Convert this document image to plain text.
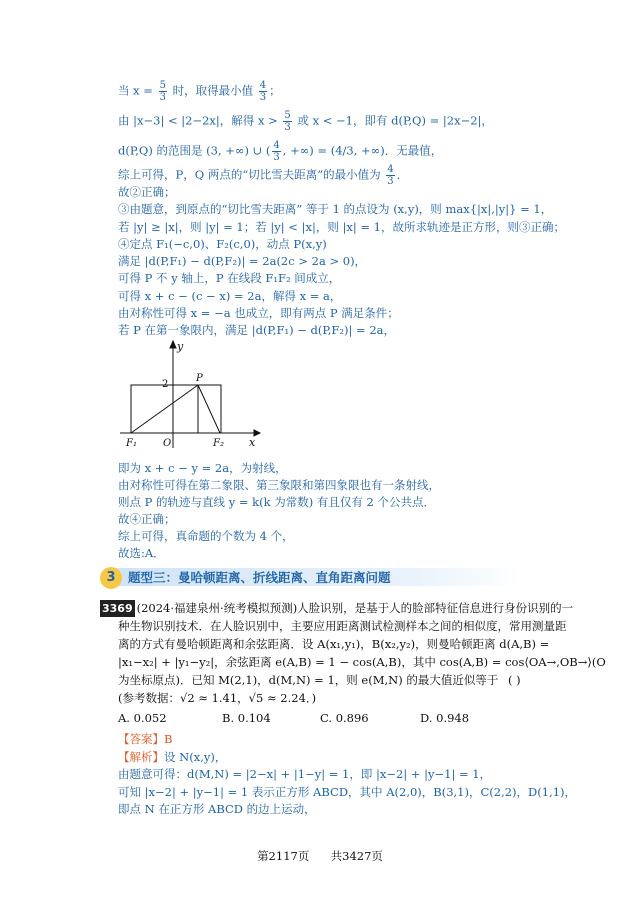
当 $x = \frac{5}{3}$ 时，取得最小值 $\frac{4}{3}$ ；
由 |x−3| < |2−2x|，解得 $x > \frac{5}{3}$ 或 x < −1，即有 d(P,Q) = |2x−2|，
d(P,Q) 的范围是 (3, +∞) ∪ ( $\frac{4}{3}$ , +∞) = (4/3, +∞)．无最值，
综上可得，P，Q 两点的“切比雪夫距离”的最小值为 $\frac{4}{3}$ ．
故②正确；
③由题意，到原点的“切比雪夫距离” 等于 1 的点设为 (x,y)，则 max{|x|,|y|} = 1，
若 |y| ≥ |x|，则 |y| = 1；若 |y| < |x|，则 |x| = 1，故所求轨迹是正方形，则③正确；
④定点 F₁(−c,0)、F₂(c,0)，动点 P(x,y)
满足 |d(P,F₁) − d(P,F₂)| = 2a(2c > 2a > 0)，
可得 P 不 y 轴上，P 在线段 F₁F₂ 间成立，
可得 x + c − (c − x) = 2a，解得 x = a，
由对称性可得 x = −a 也成立，即有两点 P 满足条件；
若 P 在第一象限内，满足 |d(P,F₁) − d(P,F₂)| = 2a，
y
x
2
P
F₁	O	F₂
即为 x + c − y = 2a，为射线，
由对称性可得在第二象限、第三象限和第四象限也有一条射线，
则点 P 的轨迹与直线 y = k(k 为常数) 有且仅有 2 个公共点．
故④正确；
综上可得，真命题的个数为 4 个，
故选:A．
3 题型三：曼哈顿距离、折线距离、直角距离问题
3369 (2024·福建泉州·统考模拟预测)人脸识别，是基于人的脸部特征信息进行身份识别的一
种生物识别技术．在人脸识别中，主要应用距离测试检测样本之间的相似度，常用测量距
离的方式有曼哈顿距离和余弦距离．设 A(x₁,y₁)，B(x₂,y₂)，则曼哈顿距离 d(A,B) =
|x₁−x₂| + |y₁−y₂|，余弦距离 e(A,B) = 1 − cos(A,B)，其中 cos(A,B) = cos⟨OA→,OB→⟩(O
为坐标原点)．已知 M(2,1)，d(M,N) = 1，则 e(M,N) 的最大值近似等于 ( )
(参考数据：√2 ≈ 1.41，√5 ≈ 2.24．)
A. 0.052	B. 0.104	C. 0.896	D. 0.948
【答案】B
【解析】设 N(x,y)，
由题意可得：d(M,N) = |2−x| + |1−y| = 1，即 |x−2| + |y−1| = 1，
可知 |x−2| + |y−1| = 1 表示正方形 ABCD，其中 A(2,0)，B(3,1)，C(2,2)，D(1,1)，
即点 N 在正方形 ABCD 的边上运动，
第2117页 共3427页
